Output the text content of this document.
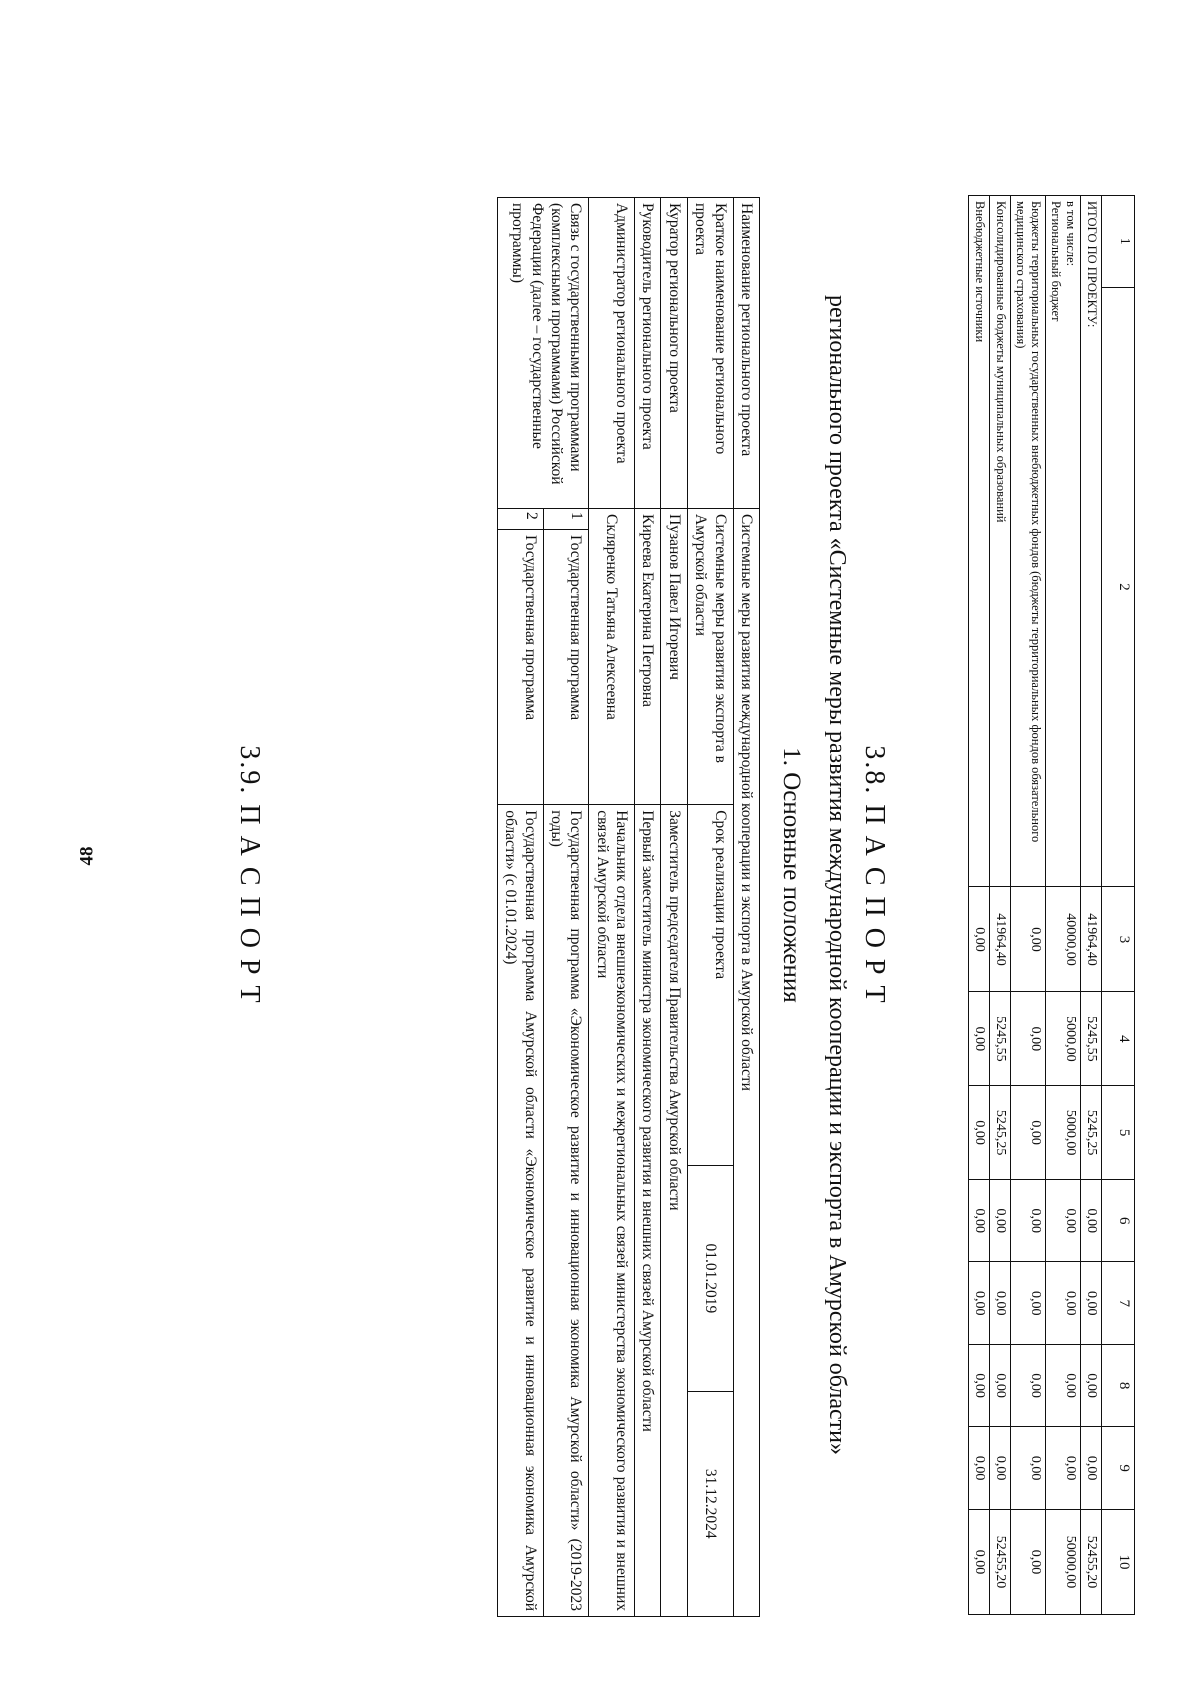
48
1	2	3	4	5	6	7	8	9	10
ИТОГО ПО ПРОЕКТУ:		41964,40	5245,55	5245,25	0,00	0,00	0,00	0,00	52455,20
в том числе:
Региональный бюджет		40000,00	5000,00	5000,00	0,00	0,00	0,00	0,00	50000,00
Бюджеты территориальных государственных внебюджетных фондов (бюджеты территориальных фондов обязательного медицинского страхования)		0,00	0,00	0,00	0,00	0,00	0,00	0,00	0,00
Консолидированные бюджеты муниципальных образований		41964,40	5245,55	5245,25	0,00	0,00	0,00	0,00	52455,20
Внебюджетные источники		0,00	0,00	0,00	0,00	0,00	0,00	0,00	0,00
3.8. П А С П О Р Т
регионального проекта «Системные меры развития международной кооперации и экспорта в Амурской области»
1. Основные положения
Наименование регионального проекта	Системные меры развития международной кооперации и экспорта в Амурской области				
Краткое наименование регионального проекта	Системные меры развития экспорта в Амурской области		Срок реализации проекта	01.01.2019	31.12.2024
Куратор регионального проекта	Пузанов Павел Игоревич		Заместитель председателя Правительства Амурской области		
Руководитель регионального проекта	Киреева Екатерина Петровна		Первый заместитель министра экономического развития и внешних связей Амурской области		
Администратор регионального проекта	Скляренко Татьяна Алексеевна		Начальник отдела внешнеэкономических и межрегиональных связей министерства экономического развития и внешних связей Амурской области		
Связь с государственными программами (комплексными программами) Российской Федерации (далее – государственные программы)	1	Государственная программа	Государственная программа «Экономическое развитие и инновационная экономика Амурской области» (2019-2023 годы)		
	2	Государственная программа	Государственная программа Амурской области «Экономическое развитие и инновационная экономика Амурской области» (с 01.01.2024)		
3.9. П А С П О Р Т
